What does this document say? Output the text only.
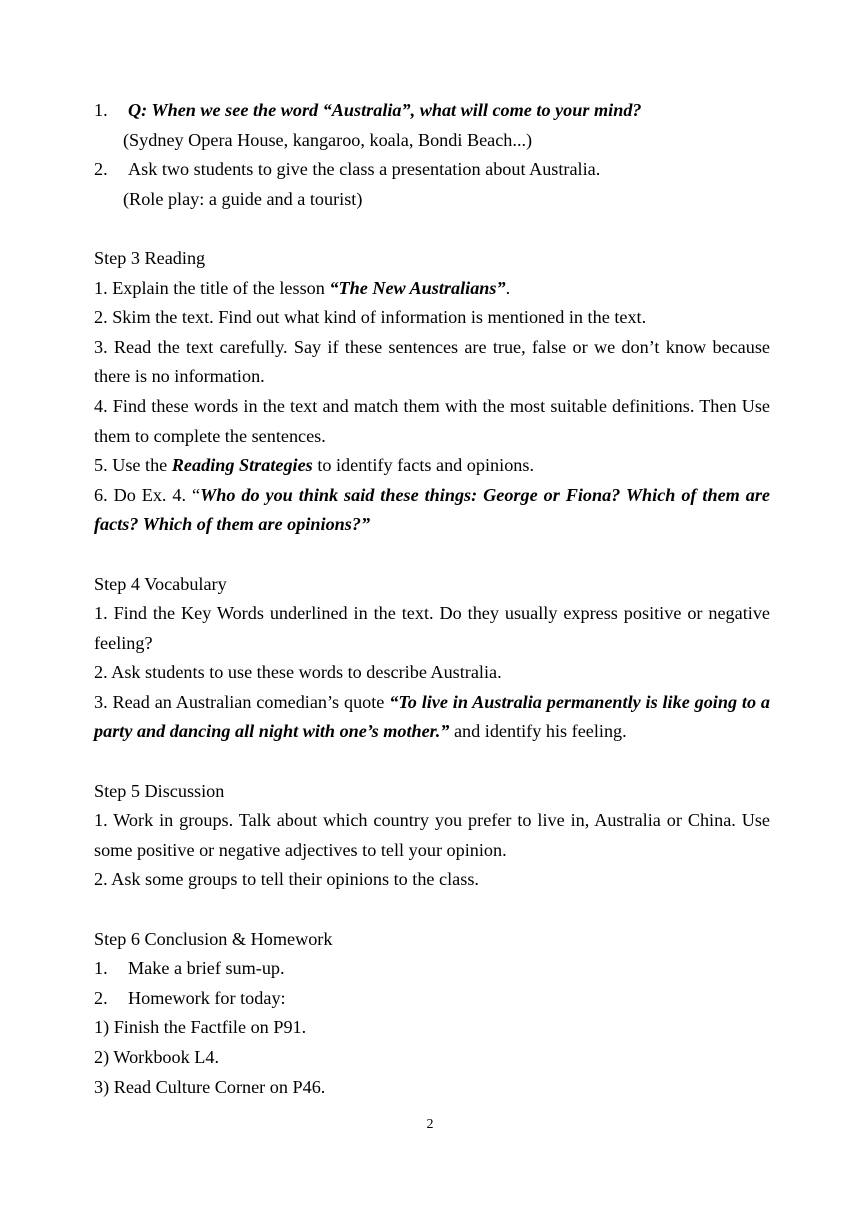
1. Q: When we see the word “Australia”, what will come to your mind?
(Sydney Opera House, kangaroo, koala, Bondi Beach...)
2. Ask two students to give the class a presentation about Australia.
(Role play: a guide and a tourist)
Step 3 Reading
1. Explain the title of the lesson “The New Australians”.
2. Skim the text. Find out what kind of information is mentioned in the text.
3. Read the text carefully. Say if these sentences are true, false or we don’t know because there is no information.
4. Find these words in the text and match them with the most suitable definitions. Then Use them to complete the sentences.
5. Use the Reading Strategies to identify facts and opinions.
6. Do Ex. 4. “Who do you think said these things: George or Fiona? Which of them are facts? Which of them are opinions?”
Step 4 Vocabulary
1. Find the Key Words underlined in the text. Do they usually express positive or negative feeling?
2. Ask students to use these words to describe Australia.
3. Read an Australian comedian’s quote “To live in Australia permanently is like going to a party and dancing all night with one’s mother.” and identify his feeling.
Step 5 Discussion
1. Work in groups. Talk about which country you prefer to live in, Australia or China. Use some positive or negative adjectives to tell your opinion.
2. Ask some groups to tell their opinions to the class.
Step 6 Conclusion & Homework
1. Make a brief sum-up.
2. Homework for today:
1) Finish the Factfile on P91.
2) Workbook L4.
3) Read Culture Corner on P46.
2
